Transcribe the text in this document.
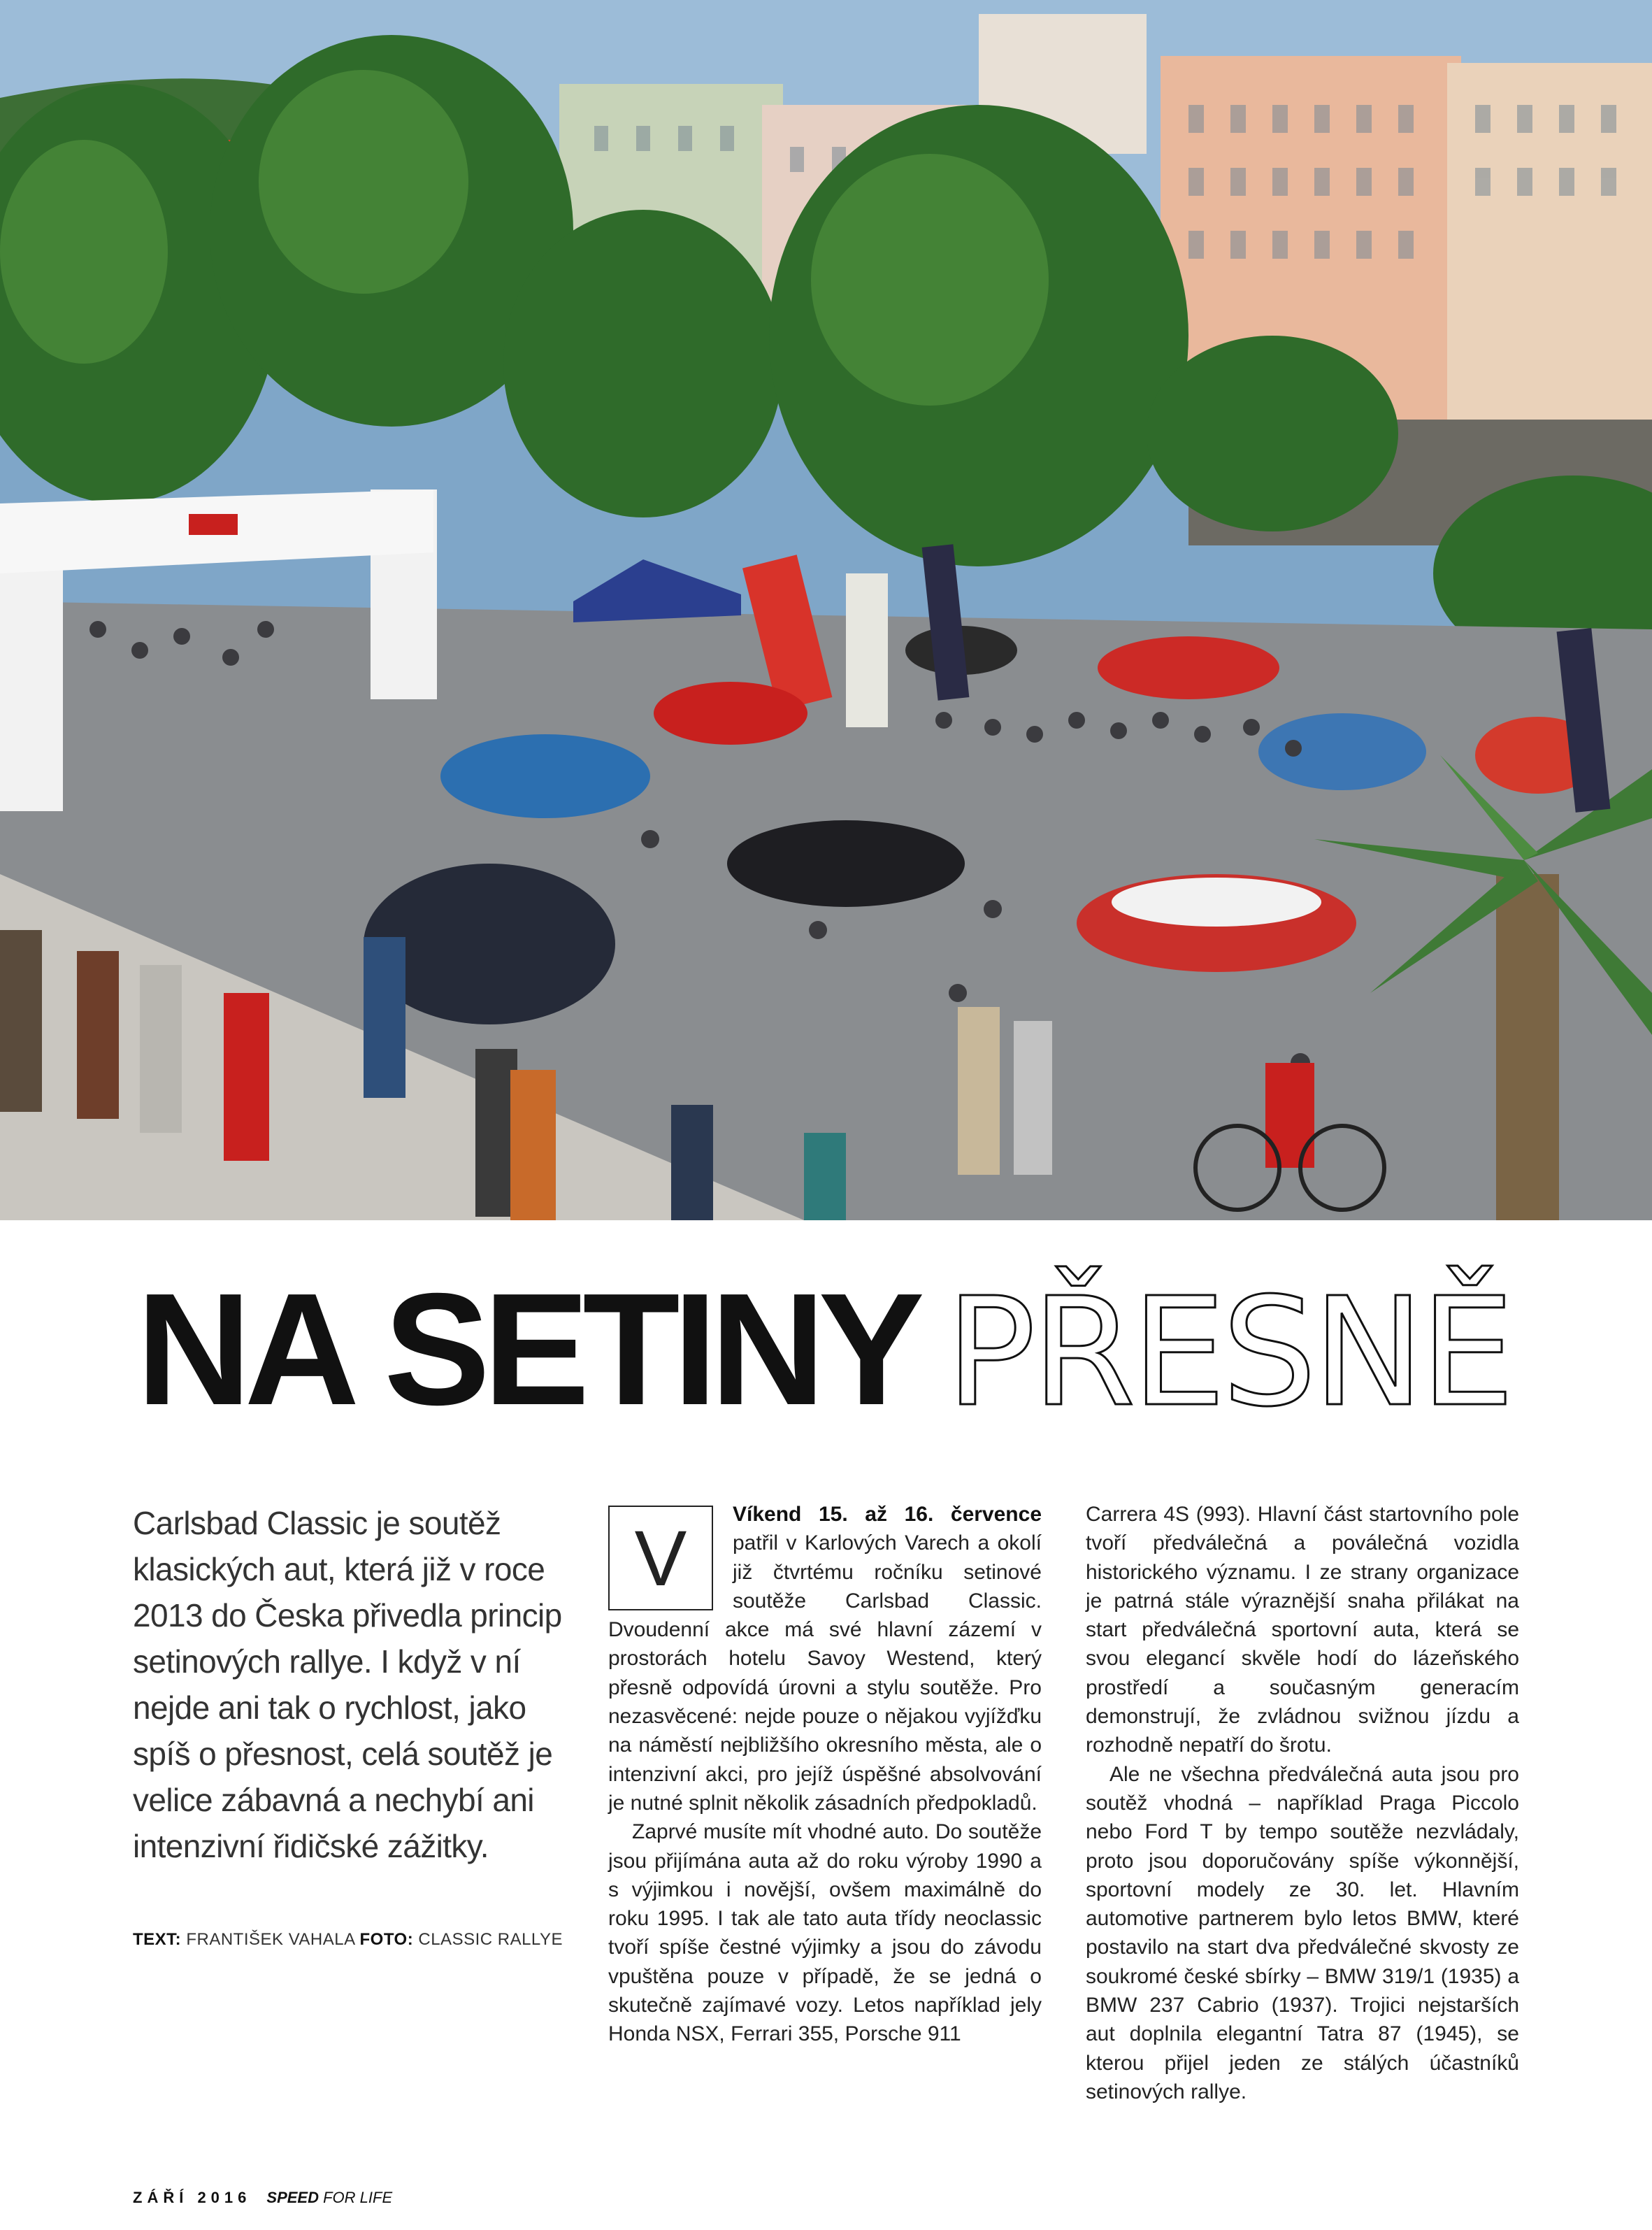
NA SETINY PŘESNĚ

Carlsbad Classic je soutěž klasických aut, která již v roce 2013 do Česka přivedla princip setinových rallye. I když v ní nejde ani tak o rychlost, jako spíš o přesnost, celá soutěž je velice zábavná a nechybí ani intenzivní řidičské zážitky.

TEXT: FRANTIŠEK VAHALA FOTO: CLASSIC RALLYE

V
Víkend 15. až 16. července patřil v Karlových Varech a okolí již čtvrtému ročníku setinové soutěže Carlsbad Classic. Dvoudenní akce má své hlavní zázemí v prostorách hotelu Savoy Westend, který přesně odpovídá úrovni a stylu soutěže. Pro nezasvěcené: nejde pouze o nějakou vyjížďku na náměstí nejbližšího okresního města, ale o intenzivní akci, pro jejíž úspěšné absolvování je nutné splnit několik zásadních předpokladů.

Zaprvé musíte mít vhodné auto. Do soutěže jsou přijímána auta až do roku výroby 1990 a s výjimkou i novější, ovšem maximálně do roku 1995. I tak ale tato auta třídy neoclassic tvoří spíše čestné výjimky a jsou do závodu vpuštěna pouze v případě, že se jedná o skutečně zajímavé vozy. Letos například jely Honda NSX, Ferrari 355, Porsche 911

Carrera 4S (993). Hlavní část startovního pole tvoří předválečná a poválečná vozidla historického významu. I ze strany organizace je patrná stále výraznější snaha přilákat na start předválečná sportovní auta, která se svou elegancí skvěle hodí do lázeňského prostředí a současným generacím demonstrují, že zvládnou svižnou jízdu a rozhodně nepatří do šrotu.

Ale ne všechna předválečná auta jsou pro soutěž vhodná – například Praga Piccolo nebo Ford T by tempo soutěže nezvládaly, proto jsou doporučovány spíše výkonnější, sportovní modely ze 30. let. Hlavním automotive partnerem bylo letos BMW, které postavilo na start dva předválečné skvosty ze soukromé české sbírky – BMW 319/1 (1935) a BMW 237 Cabrio (1937). Trojici nejstarších aut doplnila elegantní Tatra 87 (1945), se kterou přijel jeden ze stálých účastníků setinových rallye.

ZÁŘÍ 2016 SPEED FOR LIFE
